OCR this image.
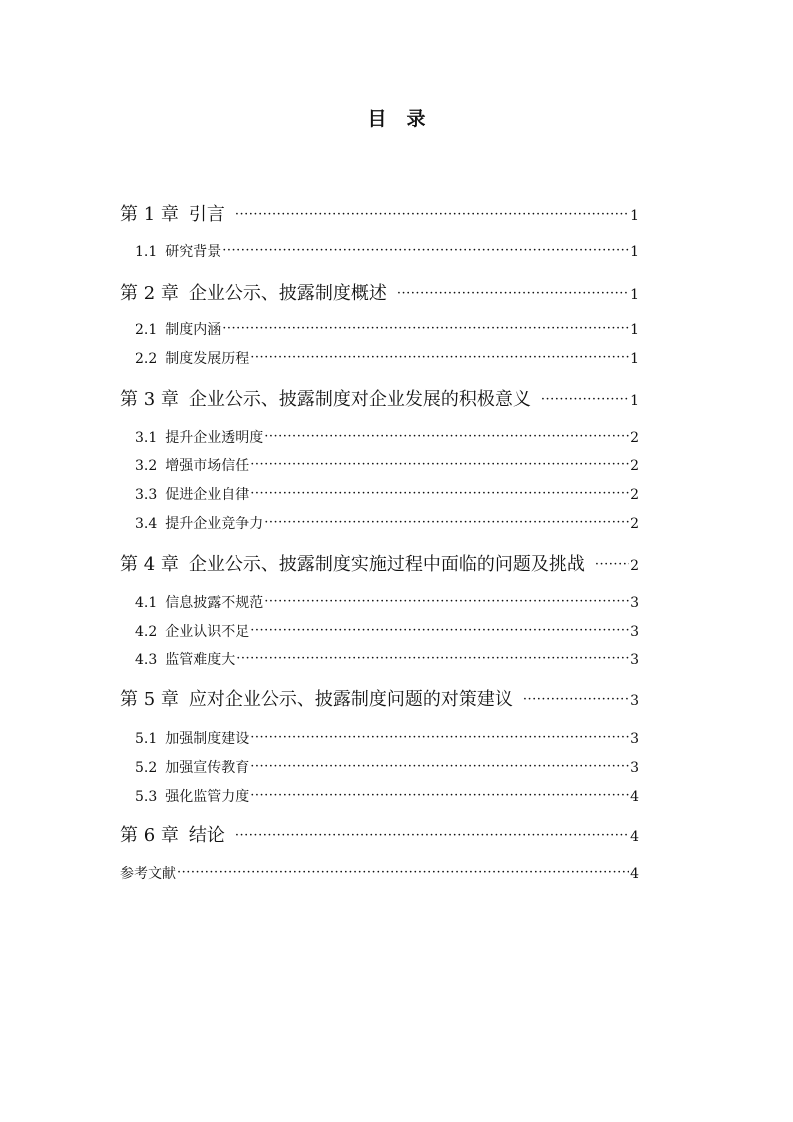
目 录
第 1 章 引言 ·····	1
1.1 研究背景 ·····	1
第 2 章 企业公示、披露制度概述 ·····	1
2.1 制度内涵 ·····	1
2.2 制度发展历程 ·····	1
第 3 章 企业公示、披露制度对企业发展的积极意义 ·····	1
3.1 提升企业透明度 ·····	2
3.2 增强市场信任 ·····	2
3.3 促进企业自律 ·····	2
3.4 提升企业竞争力 ·····	2
第 4 章 企业公示、披露制度实施过程中面临的问题及挑战 ·····	2
4.1 信息披露不规范 ·····	3
4.2 企业认识不足 ·····	3
4.3 监管难度大 ·····	3
第 5 章 应对企业公示、披露制度问题的对策建议 ·····	3
5.1 加强制度建设 ·····	3
5.2 加强宣传教育 ·····	3
5.3 强化监管力度 ·····	4
第 6 章 结论 ·····	4
参考文献 ·····	4
